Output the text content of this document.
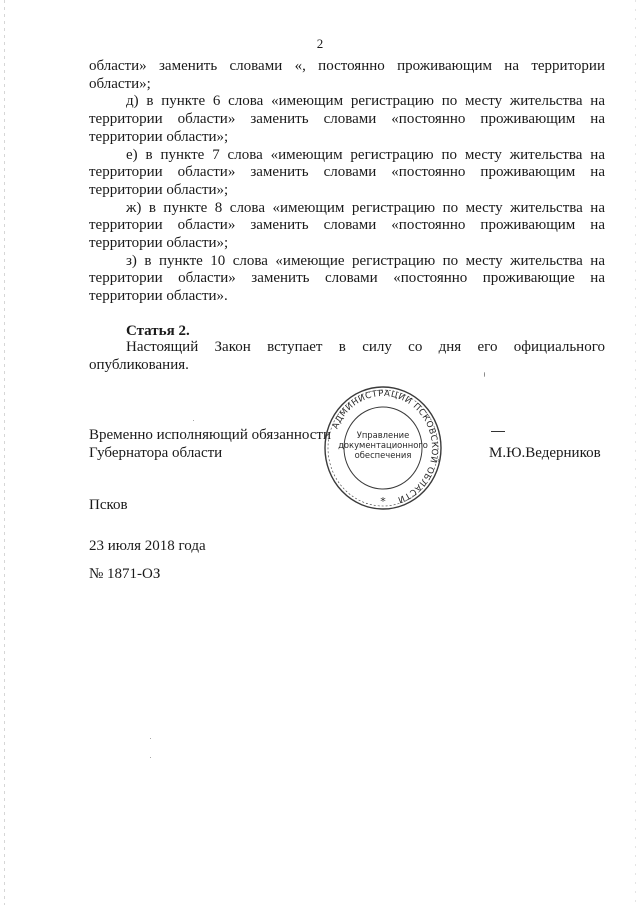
2

области» заменить словами «, постоянно проживающим на территории области»;

д) в пункте 6 слова «имеющим регистрацию по месту жительства на территории области» заменить словами «постоянно проживающим на территории области»;

е) в пункте 7 слова «имеющим регистрацию по месту жительства на территории области» заменить словами «постоянно проживающим на территории области»;

ж) в пункте 8 слова «имеющим регистрацию по месту жительства на территории области» заменить словами «постоянно проживающим на территории области»;

з) в пункте 10 слова «имеющие регистрацию по месту жительства на территории области» заменить словами «постоянно проживающие на территории области».

Статья 2.
Настоящий Закон вступает в силу со дня его официального опубликования.
Временно исполняющий обязанности
Губернатора области	М.Ю.Ведерников
АДМИНИСТРАЦИИ ПСКОВСКОЙ ОБЛАСТИ
Управление
документационного
обеспечения
*
Псков
23 июля 2018 года
№ 1871-ОЗ
